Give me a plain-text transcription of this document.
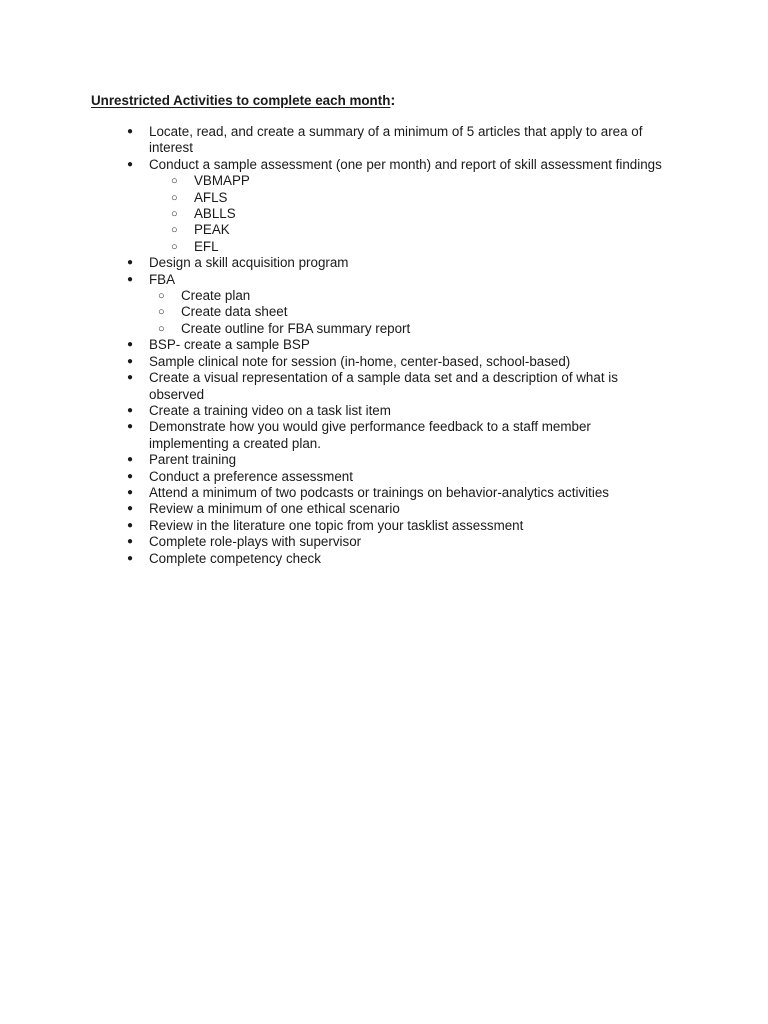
Unrestricted Activities to complete each month:
● Locate, read, and create a summary of a minimum of 5 articles that apply to area of interest
● Conduct a sample assessment (one per month) and report of skill assessment findings
○ VBMAPP
○ AFLS
○ ABLLS
○ PEAK
○ EFL
● Design a skill acquisition program
● FBA
○ Create plan
○ Create data sheet
○ Create outline for FBA summary report
● BSP- create a sample BSP
● Sample clinical note for session (in-home, center-based, school-based)
● Create a visual representation of a sample data set and a description of what is observed
● Create a training video on a task list item
● Demonstrate how you would give performance feedback to a staff member implementing a created plan.
● Parent training
● Conduct a preference assessment
● Attend a minimum of two podcasts or trainings on behavior-analytics activities
● Review a minimum of one ethical scenario
● Review in the literature one topic from your tasklist assessment
● Complete role-plays with supervisor
● Complete competency check
